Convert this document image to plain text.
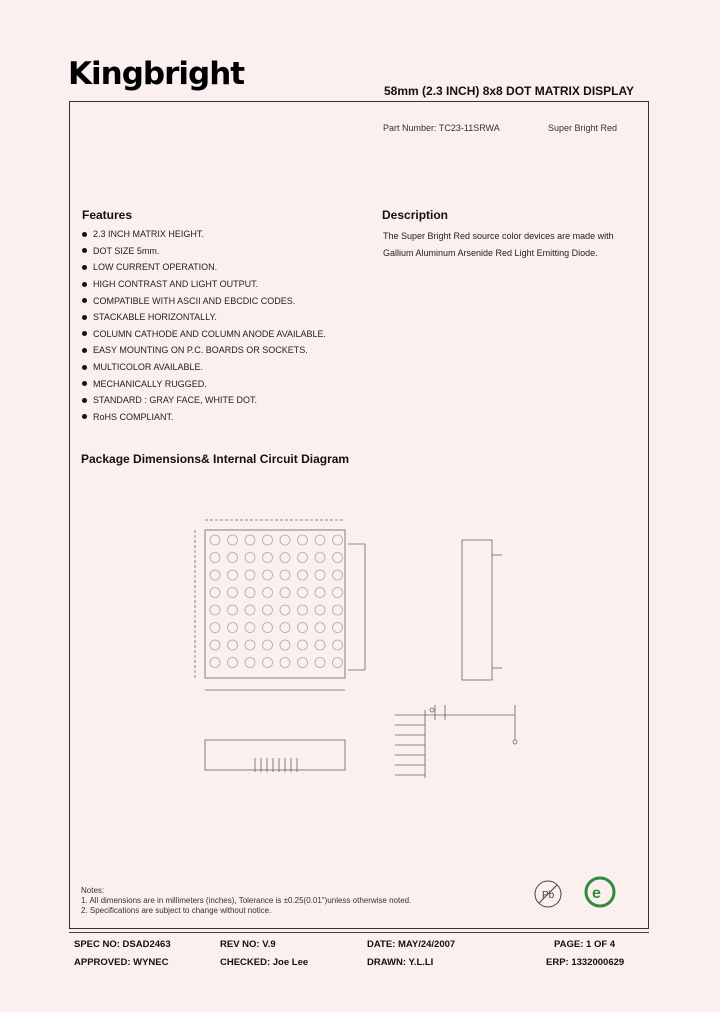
Kingbright	58mm (2.3 INCH) 8x8 DOT MATRIX DISPLAY
Part Number: TC23-11SRWA	Super Bright Red
Features
2.3 INCH MATRIX HEIGHT.
DOT SIZE 5mm.
LOW CURRENT OPERATION.
HIGH CONTRAST AND LIGHT OUTPUT.
COMPATIBLE WITH ASCII AND EBCDIC CODES.
STACKABLE HORIZONTALLY.
COLUMN CATHODE AND COLUMN ANODE AVAILABLE.
EASY MOUNTING ON P.C. BOARDS OR SOCKETS.
MULTICOLOR AVAILABLE.
MECHANICALLY RUGGED.
STANDARD : GRAY FACE, WHITE DOT.
RoHS COMPLIANT.
Description
The Super Bright Red source color devices are made with Gallium Aluminum Arsenide Red Light Emitting Diode.
Package Dimensions& Internal Circuit Diagram
Notes:
1. All dimensions are in millimeters (inches), Tolerance is ±0.25(0.01")unless otherwise noted.
2. Specifications are subject to change without notice.
Pb e
SPEC NO: DSAD2463	REV NO: V.9	DATE: MAY/24/2007	PAGE: 1 OF 4
APPROVED: WYNEC	CHECKED: Joe Lee	DRAWN: Y.L.LI	ERP: 1332000629
